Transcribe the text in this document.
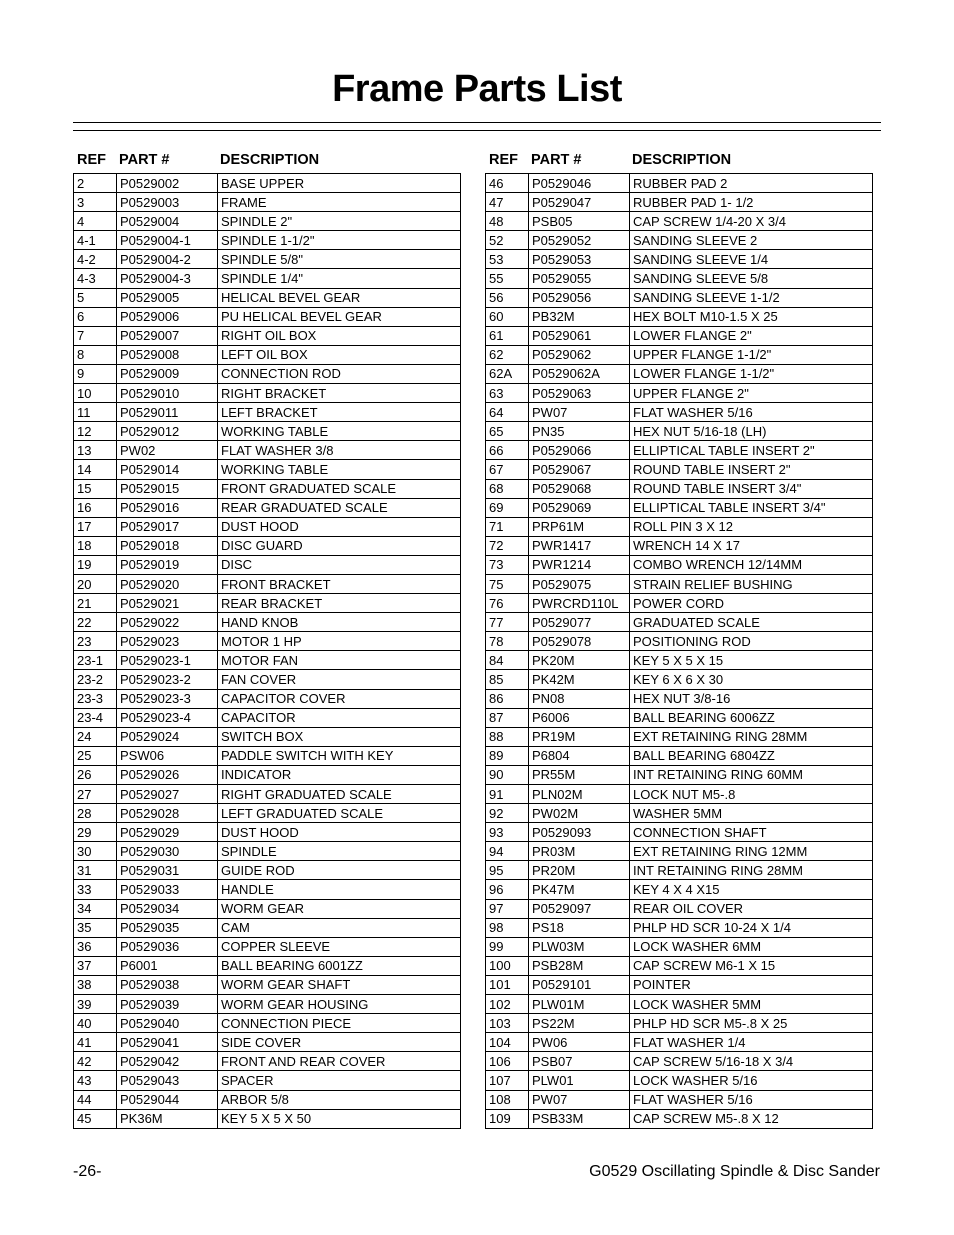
Frame Parts List
REF PART #	DESCRIPTION
2	P0529002	BASE UPPER
3	P0529003	FRAME
4	P0529004	SPINDLE 2"
4-1	P0529004-1	SPINDLE 1-1/2"
4-2	P0529004-2	SPINDLE 5/8"
4-3	P0529004-3	SPINDLE 1/4"
5	P0529005	HELICAL BEVEL GEAR
6	P0529006	PU HELICAL BEVEL GEAR
7	P0529007	RIGHT OIL BOX
8	P0529008	LEFT OIL BOX
9	P0529009	CONNECTION ROD
10	P0529010	RIGHT BRACKET
11	P0529011	LEFT BRACKET
12	P0529012	WORKING TABLE
13	PW02	FLAT WASHER 3/8
14	P0529014	WORKING TABLE
15	P0529015	FRONT GRADUATED SCALE
16	P0529016	REAR GRADUATED SCALE
17	P0529017	DUST HOOD
18	P0529018	DISC GUARD
19	P0529019	DISC
20	P0529020	FRONT BRACKET
21	P0529021	REAR BRACKET
22	P0529022	HAND KNOB
23	P0529023	MOTOR 1 HP
23-1	P0529023-1	MOTOR FAN
23-2	P0529023-2	FAN COVER
23-3	P0529023-3	CAPACITOR COVER
23-4	P0529023-4	CAPACITOR
24	P0529024	SWITCH BOX
25	PSW06	PADDLE SWITCH WITH KEY
26	P0529026	INDICATOR
27	P0529027	RIGHT GRADUATED SCALE
28	P0529028	LEFT GRADUATED SCALE
29	P0529029	DUST HOOD
30	P0529030	SPINDLE
31	P0529031	GUIDE ROD
33	P0529033	HANDLE
34	P0529034	WORM GEAR
35	P0529035	CAM
36	P0529036	COPPER SLEEVE
37	P6001	BALL BEARING 6001ZZ
38	P0529038	WORM GEAR SHAFT
39	P0529039	WORM GEAR HOUSING
40	P0529040	CONNECTION PIECE
41	P0529041	SIDE COVER
42	P0529042	FRONT AND REAR COVER
43	P0529043	SPACER
44	P0529044	ARBOR 5/8
45	PK36M	KEY 5 X 5 X 50
REF PART #	DESCRIPTION
46	P0529046	RUBBER PAD 2
47	P0529047	RUBBER PAD 1- 1/2
48	PSB05	CAP SCREW 1/4-20 X 3/4
52	P0529052	SANDING SLEEVE 2
53	P0529053	SANDING SLEEVE 1/4
55	P0529055	SANDING SLEEVE 5/8
56	P0529056	SANDING SLEEVE 1-1/2
60	PB32M	HEX BOLT M10-1.5 X 25
61	P0529061	LOWER FLANGE 2"
62	P0529062	UPPER FLANGE 1-1/2"
62A	P0529062A	LOWER FLANGE 1-1/2"
63	P0529063	UPPER FLANGE 2"
64	PW07	FLAT WASHER 5/16
65	PN35	HEX NUT 5/16-18 (LH)
66	P0529066	ELLIPTICAL TABLE INSERT 2"
67	P0529067	ROUND TABLE INSERT 2"
68	P0529068	ROUND TABLE INSERT 3/4"
69	P0529069	ELLIPTICAL TABLE INSERT 3/4"
71	PRP61M	ROLL PIN 3 X 12
72	PWR1417	WRENCH 14 X 17
73	PWR1214	COMBO WRENCH 12/14MM
75	P0529075	STRAIN RELIEF BUSHING
76	PWRCRD110L	POWER CORD
77	P0529077	GRADUATED SCALE
78	P0529078	POSITIONING ROD
84	PK20M	KEY 5 X 5 X 15
85	PK42M	KEY 6 X 6 X 30
86	PN08	HEX NUT 3/8-16
87	P6006	BALL BEARING 6006ZZ
88	PR19M	EXT RETAINING RING 28MM
89	P6804	BALL BEARING 6804ZZ
90	PR55M	INT RETAINING RING 60MM
91	PLN02M	LOCK NUT M5-.8
92	PW02M	WASHER 5MM
93	P0529093	CONNECTION SHAFT
94	PR03M	EXT RETAINING RING 12MM
95	PR20M	INT RETAINING RING 28MM
96	PK47M	KEY 4 X 4 X15
97	P0529097	REAR OIL COVER
98	PS18	PHLP HD SCR 10-24 X 1/4
99	PLW03M	LOCK WASHER 6MM
100	PSB28M	CAP SCREW M6-1 X 15
101	P0529101	POINTER
102	PLW01M	LOCK WASHER 5MM
103	PS22M	PHLP HD SCR M5-.8 X 25
104	PW06	FLAT WASHER 1/4
106	PSB07	CAP SCREW 5/16-18 X 3/4
107	PLW01	LOCK WASHER 5/16
108	PW07	FLAT WASHER 5/16
109	PSB33M	CAP SCREW M5-.8 X 12
-26-	G0529 Oscillating Spindle & Disc Sander
